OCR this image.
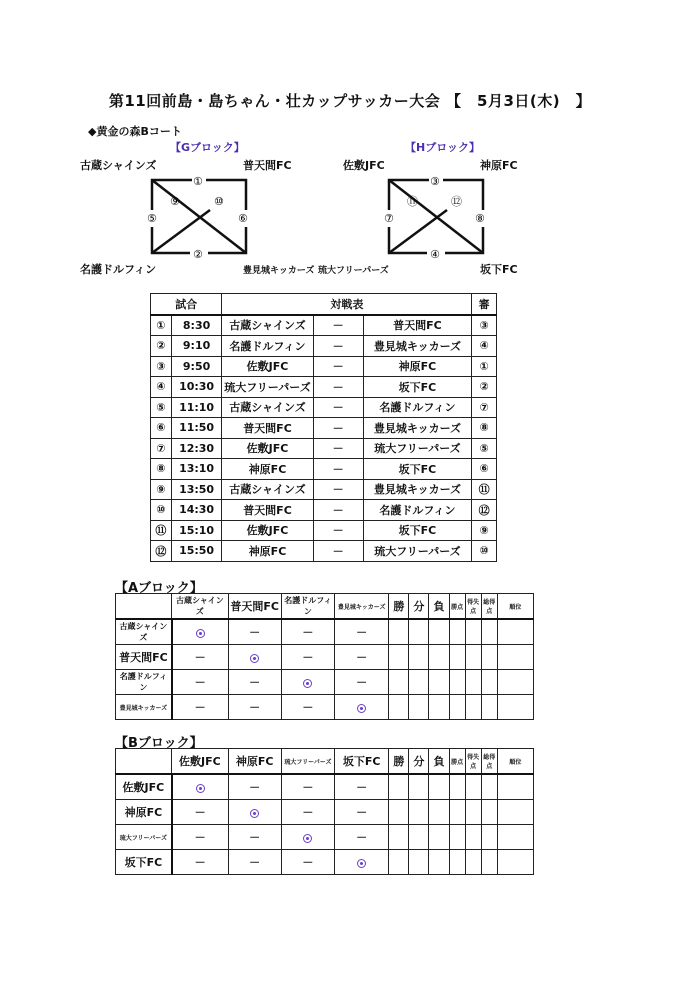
第11回前島・島ちゃん・壮カップサッカー大会 【　5月3日(木)　】
◆黄金の森Bコート
【Gブロック】
古蔵シャインズ	普天間FC
名護ドルフィン	豊見城キッカーズ
①
⑨	⑩
⑤	⑥
②
【Hブロック】
佐敷JFC	神原FC
琉大フリーパーズ	坂下FC
③
⑪	⑫
⑦	⑧
④
試合		対戦表			審
①	8:30	古蔵シャインズ	－	普天間FC	③
②	9:10	名護ドルフィン	－	豊見城キッカーズ	④
③	9:50	佐敷JFC	－	神原FC	①
④	10:30	琉大フリーパーズ	－	坂下FC	②
⑤	11:10	古蔵シャインズ	－	名護ドルフィン	⑦
⑥	11:50	普天間FC	－	豊見城キッカーズ	⑧
⑦	12:30	佐敷JFC	－	琉大フリーパーズ	⑤
⑧	13:10	神原FC	－	坂下FC	⑥
⑨	13:50	古蔵シャインズ	－	豊見城キッカーズ	⑪
⑩	14:30	普天間FC	－	名護ドルフィン	⑫
⑪	15:10	佐敷JFC	－	坂下FC	⑨
⑫	15:50	神原FC	－	琉大フリーパーズ	⑩
【Aブロック】
	古蔵シャインズ	普天間FC	名護ドルフィン	豊見城キッカーズ	勝	分	負	勝点	得失点	総得点	順位
古蔵シャインズ		－	－	－							
普天間FC	－		－	－							
名護ドルフィン	－	－		－							
豊見城キッカーズ	－	－	－								
【Bブロック】
	佐敷JFC	神原FC	琉大フリーパーズ	坂下FC	勝	分	負	勝点	得失点	総得点	順位
佐敷JFC		－	－	－							
神原FC	－		－	－							
琉大フリーパーズ	－	－		－							
坂下FC	－	－	－								
